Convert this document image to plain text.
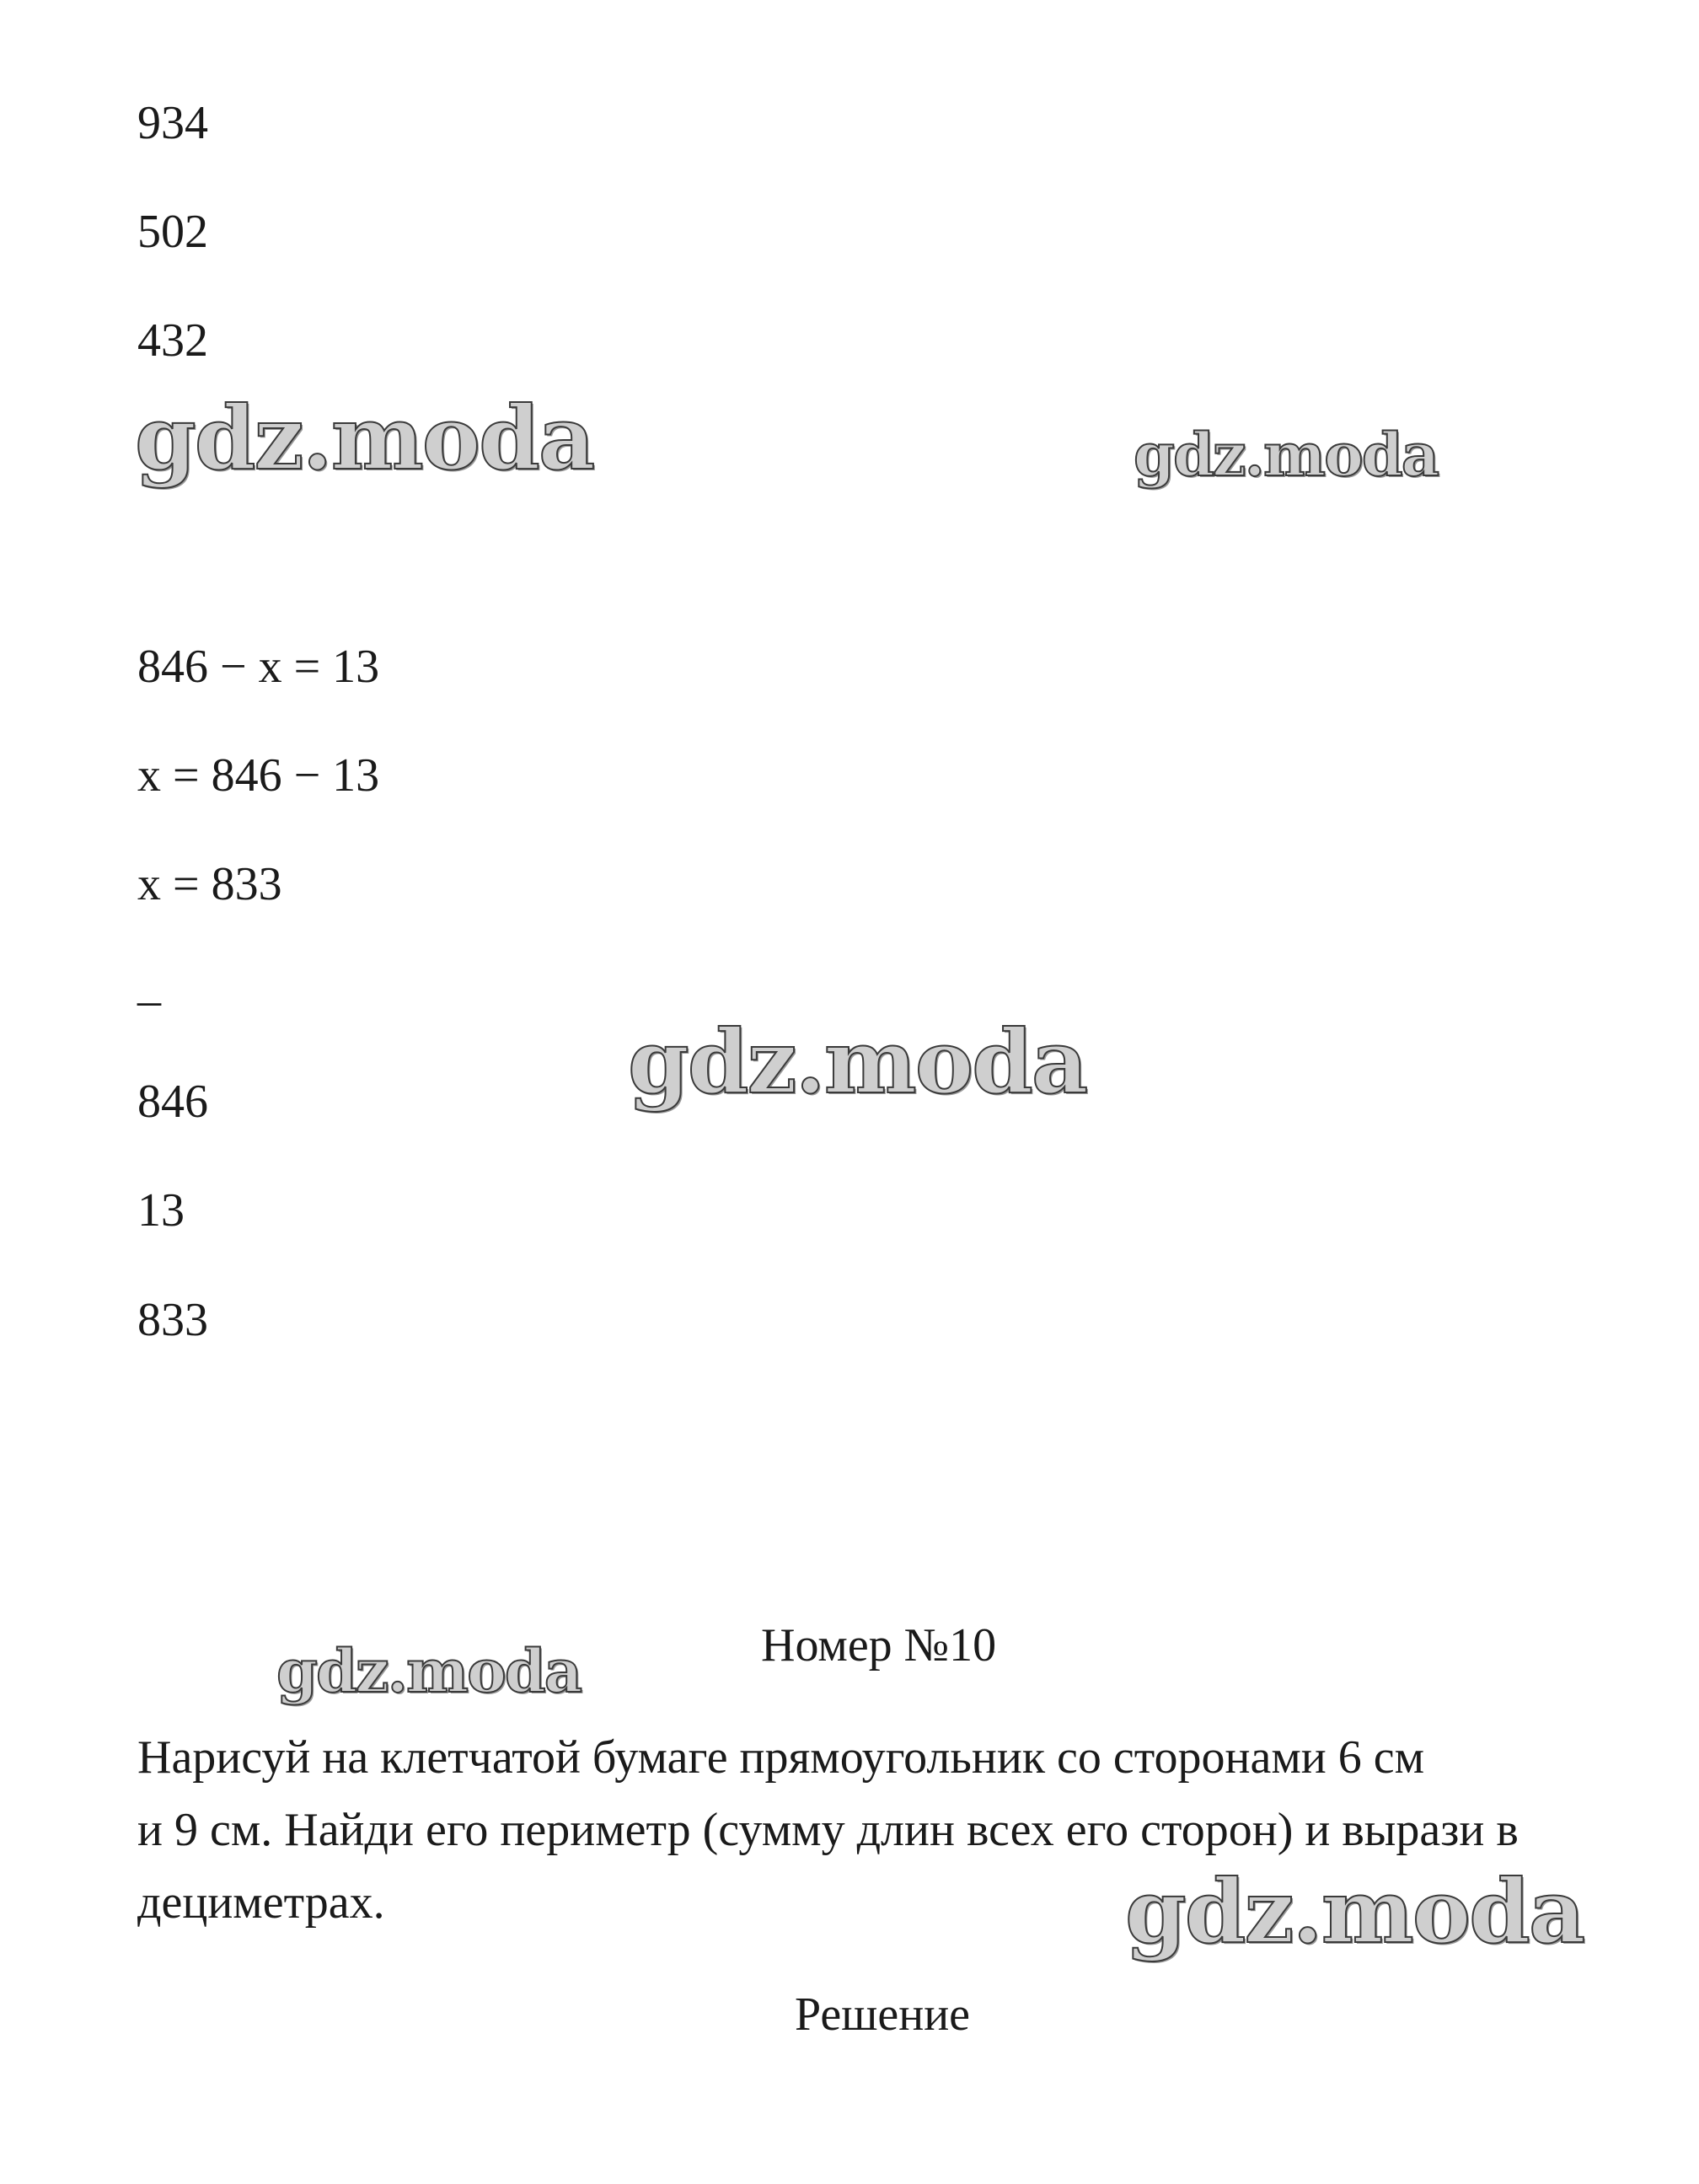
934
502
432
846 − x = 13
x = 846 − 13
x = 833
_
846
13
833
Номер №10
Нарисуй на клетчатой бумаге прямоугольник со сторонами 6 см
и 9 см. Найди его периметр (сумму длин всех его сторон) и вырази в
дециметрах.
Решение
gdz.moda	gdz.moda
gdz.moda
gdz.moda
gdz.moda
